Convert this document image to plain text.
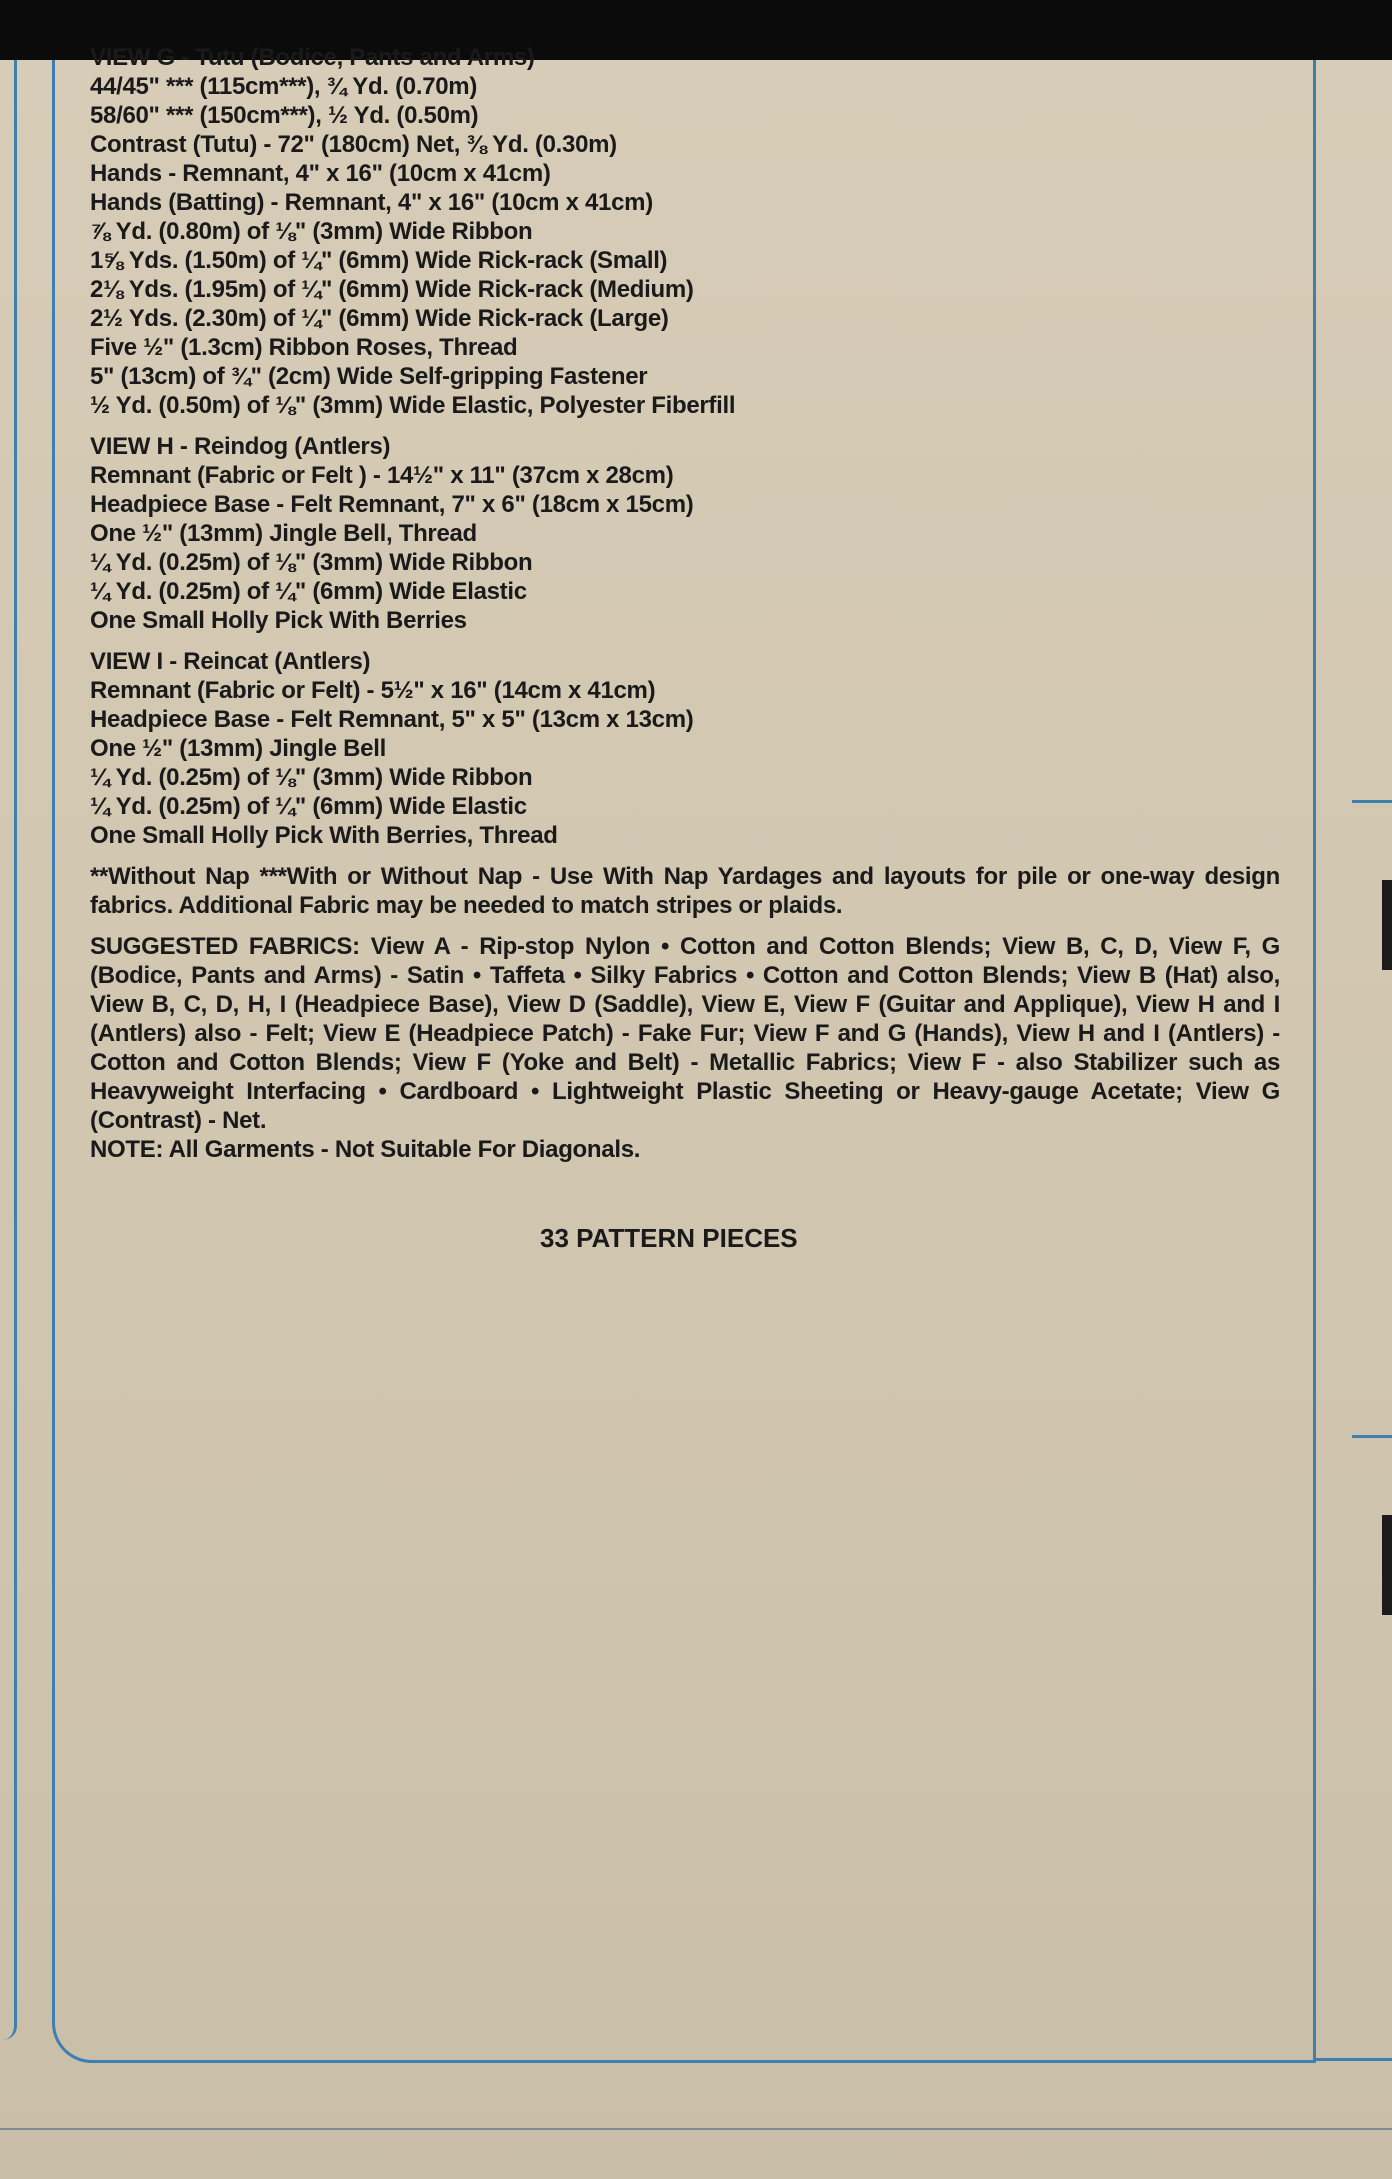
VIEW G - Tutu (Bodice, Pants and Arms)
44/45" *** (115cm***), ¾ Yd. (0.70m)
58/60" *** (150cm***), ½ Yd. (0.50m)
Contrast (Tutu) - 72" (180cm) Net, ⅜ Yd. (0.30m)
Hands - Remnant, 4" x 16" (10cm x 41cm)
Hands (Batting) - Remnant, 4" x 16" (10cm x 41cm)
⅞ Yd. (0.80m) of ⅛" (3mm) Wide Ribbon
1⅝ Yds. (1.50m) of ¼" (6mm) Wide Rick-rack (Small)
2⅛ Yds. (1.95m) of ¼" (6mm) Wide Rick-rack (Medium)
2½ Yds. (2.30m) of ¼" (6mm) Wide Rick-rack (Large)
Five ½" (1.3cm) Ribbon Roses, Thread
5" (13cm) of ¾" (2cm) Wide Self-gripping Fastener
½ Yd. (0.50m) of ⅛" (3mm) Wide Elastic, Polyester Fiberfill
VIEW H - Reindog (Antlers)
Remnant (Fabric or Felt ) - 14½" x 11" (37cm x 28cm)
Headpiece Base - Felt Remnant, 7" x 6" (18cm x 15cm)
One ½" (13mm) Jingle Bell, Thread
¼ Yd. (0.25m) of ⅛" (3mm) Wide Ribbon
¼ Yd. (0.25m) of ¼" (6mm) Wide Elastic
One Small Holly Pick With Berries
VIEW I - Reincat (Antlers)
Remnant (Fabric or Felt) - 5½" x 16" (14cm x 41cm)
Headpiece Base - Felt Remnant, 5" x 5" (13cm x 13cm)
One ½" (13mm) Jingle Bell
¼ Yd. (0.25m) of ⅛" (3mm) Wide Ribbon
¼ Yd. (0.25m) of ¼" (6mm) Wide Elastic
One Small Holly Pick With Berries, Thread
**Without Nap ***With or Without Nap - Use With Nap Yardages and layouts for pile or one-way design fabrics. Additional Fabric may be needed to match stripes or plaids.
SUGGESTED FABRICS: View A - Rip-stop Nylon • Cotton and Cotton Blends; View B, C, D, View F, G (Bodice, Pants and Arms) - Satin • Taffeta • Silky Fabrics • Cotton and Cotton Blends; View B (Hat) also, View B, C, D, H, I (Headpiece Base), View D (Saddle), View E, View F (Guitar and Applique), View H and I (Antlers) also - Felt; View E (Headpiece Patch) - Fake Fur; View F and G (Hands), View H and I (Antlers) - Cotton and Cotton Blends; View F (Yoke and Belt) - Metallic Fabrics; View F - also Stabilizer such as Heavyweight Interfacing • Cardboard • Lightweight Plastic Sheeting or Heavy-gauge Acetate; View G (Contrast) - Net.
NOTE: All Garments - Not Suitable For Diagonals.
33 PATTERN PIECES
